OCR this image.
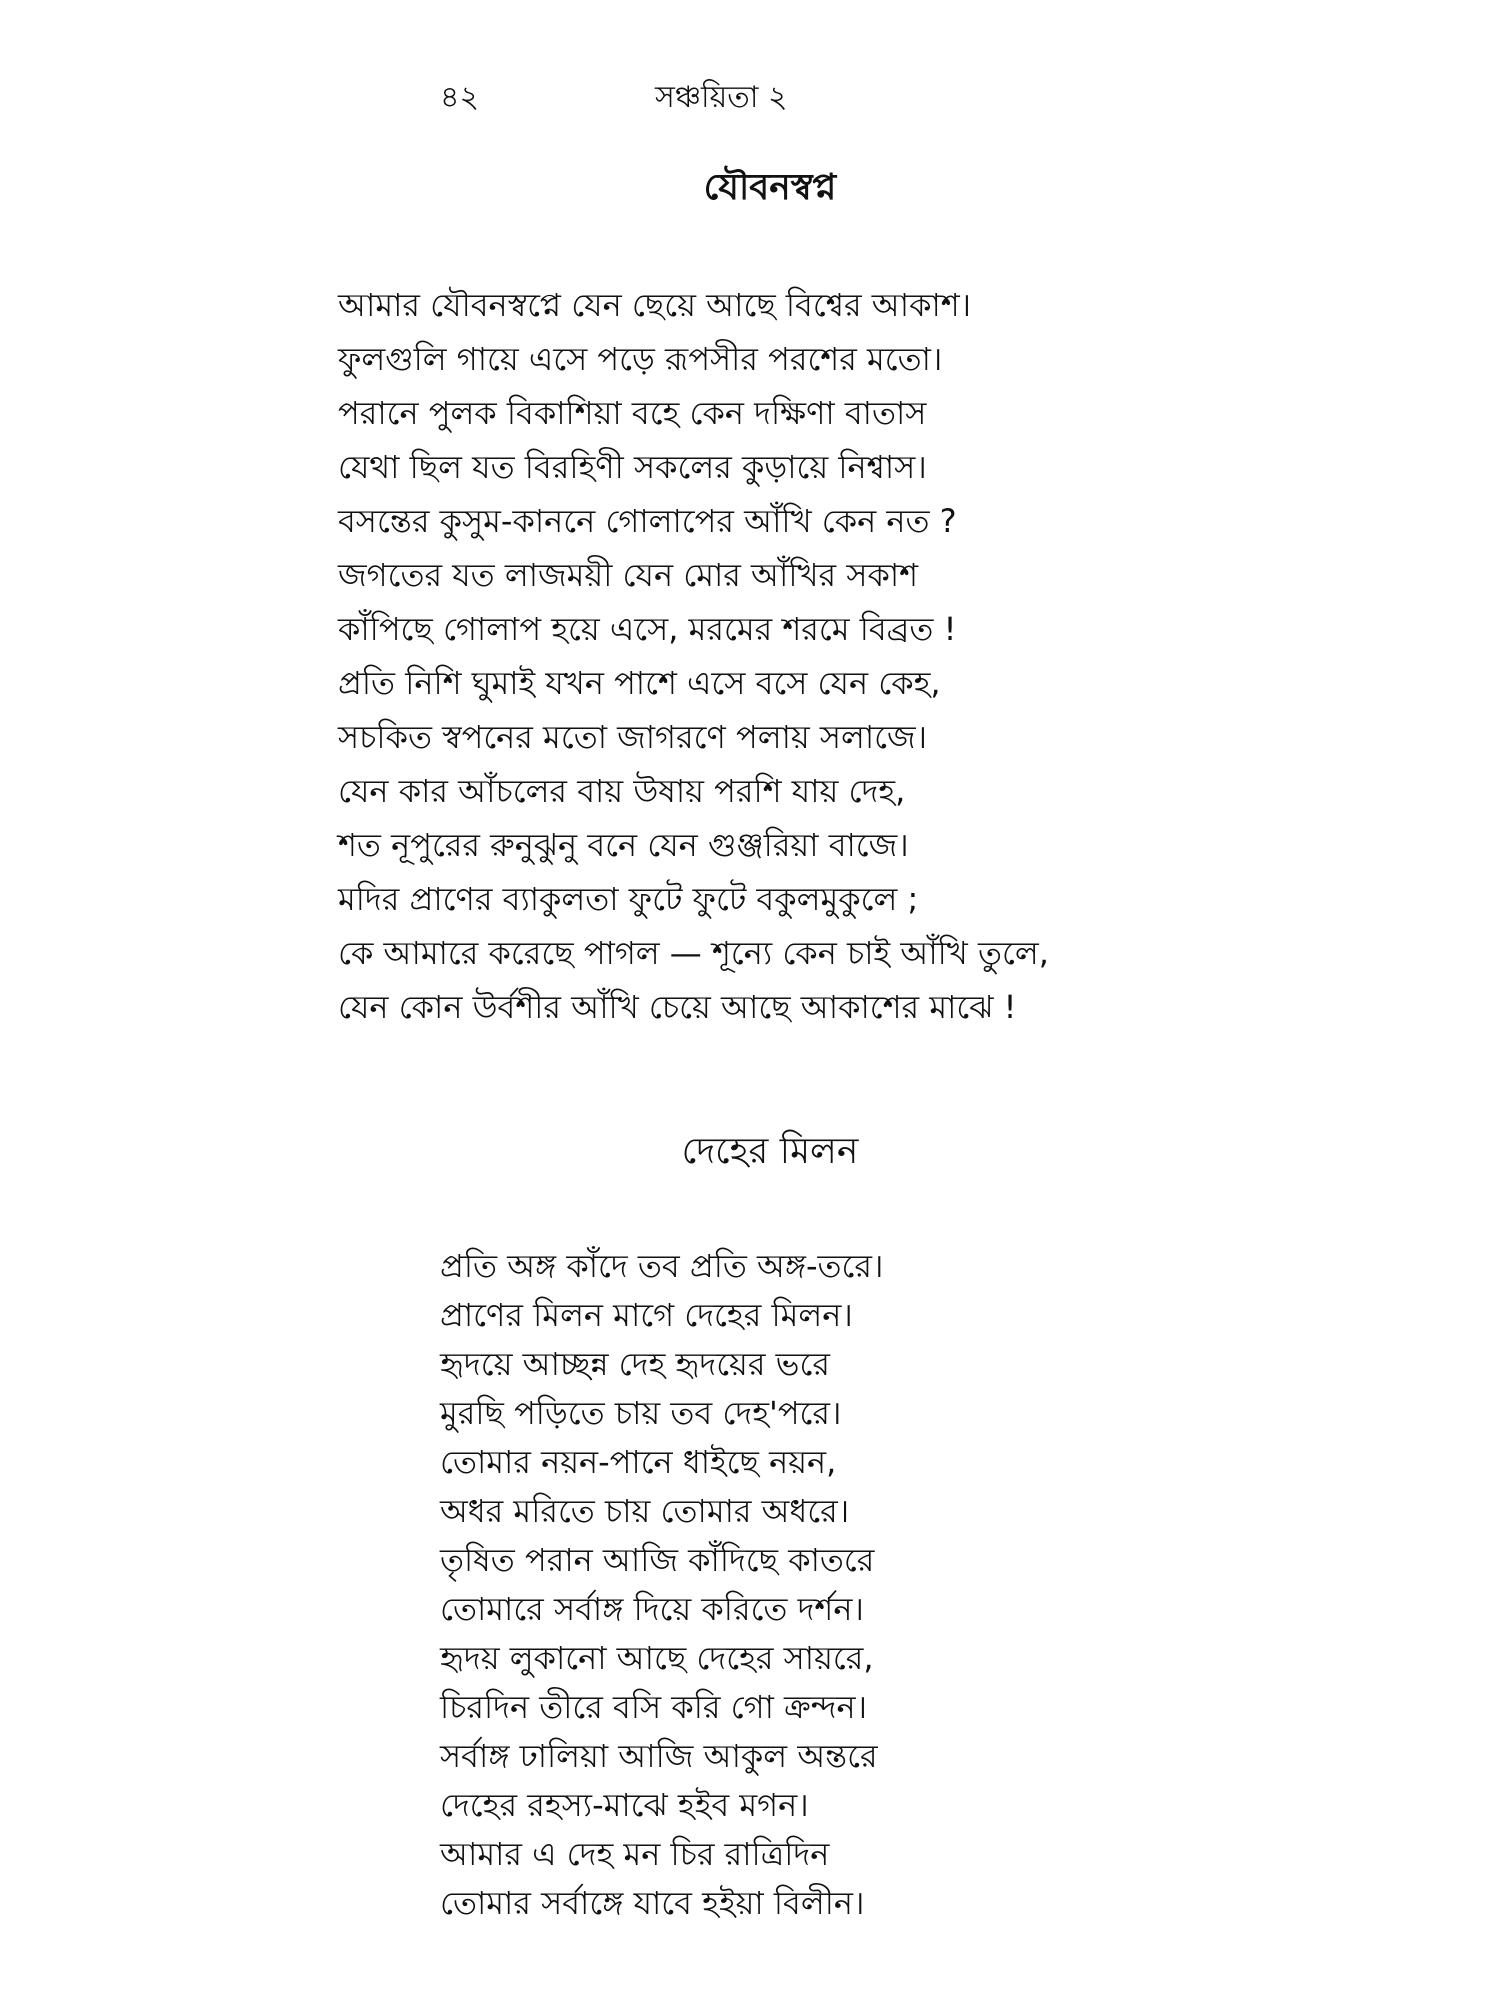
৪২	সঞ্চয়িতা ২
যৌবনস্বপ্ন
আমার যৌবনস্বপ্নে যেন ছেয়ে আছে বিশ্বের আকাশ।
ফুলগুলি গায়ে এসে পড়ে রূপসীর পরশের মতো।
পরানে পুলক বিকাশিয়া বহে কেন দক্ষিণা বাতাস
যেথা ছিল যত বিরহিণী সকলের কুড়ায়ে নিশ্বাস।
বসন্তের কুসুম-কাননে গোলাপের আঁখি কেন নত ?
জগতের যত লাজময়ী যেন মোর আঁখির সকাশ
কাঁপিছে গোলাপ হয়ে এসে, মরমের শরমে বিব্রত !
প্রতি নিশি ঘুমাই যখন পাশে এসে বসে যেন কেহ,
সচকিত স্বপনের মতো জাগরণে পলায় সলাজে।
যেন কার আঁচলের বায় উষায় পরশি যায় দেহ,
শত নূপুরের রুনুঝুনু বনে যেন গুঞ্জরিয়া বাজে।
মদির প্রাণের ব্যাকুলতা ফুটে ফুটে বকুলমুকুলে ;
কে আমারে করেছে পাগল — শূন্যে কেন চাই আঁখি তুলে,
যেন কোন উর্বশীর আঁখি চেয়ে আছে আকাশের মাঝে !
দেহের মিলন
প্রতি অঙ্গ কাঁদে তব প্রতি অঙ্গ-তরে।
প্রাণের মিলন মাগে দেহের মিলন।
হৃদয়ে আচ্ছন্ন দেহ হৃদয়ের ভরে
মুরছি পড়িতে চায় তব দেহ'পরে।
তোমার নয়ন-পানে ধাইছে নয়ন,
অধর মরিতে চায় তোমার অধরে।
তৃষিত পরান আজি কাঁদিছে কাতরে
তোমারে সর্বাঙ্গ দিয়ে করিতে দর্শন।
হৃদয় লুকানো আছে দেহের সায়রে,
চিরদিন তীরে বসি করি গো ক্রন্দন।
সর্বাঙ্গ ঢালিয়া আজি আকুল অন্তরে
দেহের রহস্য-মাঝে হইব মগন।
আমার এ দেহ মন চির রাত্রিদিন
তোমার সর্বাঙ্গে যাবে হইয়া বিলীন।
